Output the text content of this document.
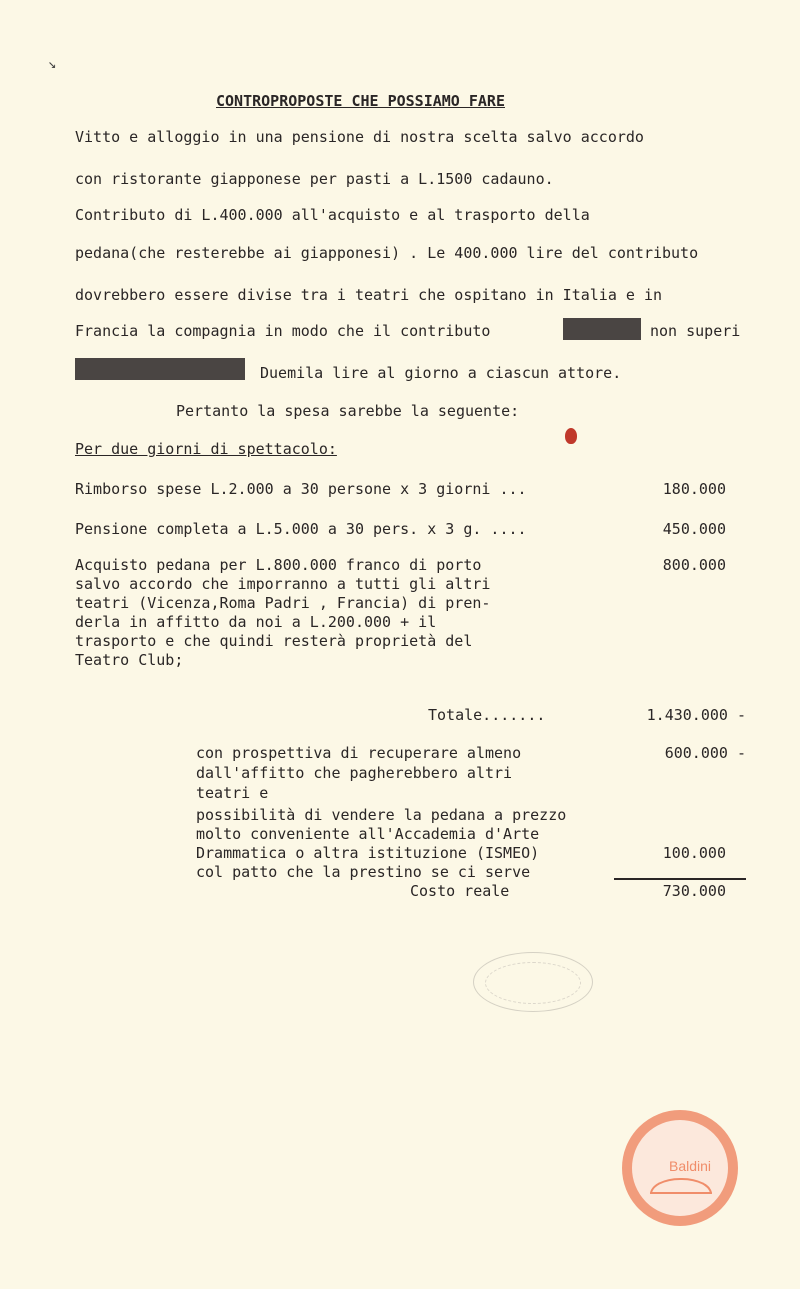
↘
CONTROPROPOSTE CHE POSSIAMO FARE
Vitto e alloggio in una pensione di nostra scelta salvo accordo
con ristorante giapponese per pasti a L.1500 cadauno.
Contributo di L.400.000 all'acquisto e al trasporto della
pedana(che resterebbe ai giapponesi) . Le 400.000 lire del contributo
dovrebbero essere divise tra i teatri che ospitano in Italia e in
Francia la compagnia in modo che il contributo	non superi
Duemila lire al giorno a ciascun attore.
Pertanto la spesa sarebbe la seguente:
Per due giorni di spettacolo:
Rimborso spese L.2.000 a 30 persone x 3 giorni ...	180.000
Pensione completa a L.5.000 a 30 pers. x 3 g. ....	450.000
Acquisto pedana per L.800.000 franco di porto	800.000
salvo accordo che imporranno a tutti gli altri
teatri (Vicenza,Roma Padri , Francia) di pren-
derla in affitto da noi a L.200.000 + il
trasporto e che quindi resterà proprietà del
Teatro Club;
Totale.......	1.430.000 -
con prospettiva di recuperare almeno	600.000 -
dall'affitto che pagherebbero altri
teatri e
possibilità di vendere la pedana a prezzo
molto conveniente all'Accademia d'Arte
Drammatica o altra istituzione (ISMEO)	100.000
col patto che la prestino se ci serve
Costo reale	730.000
Baldini
